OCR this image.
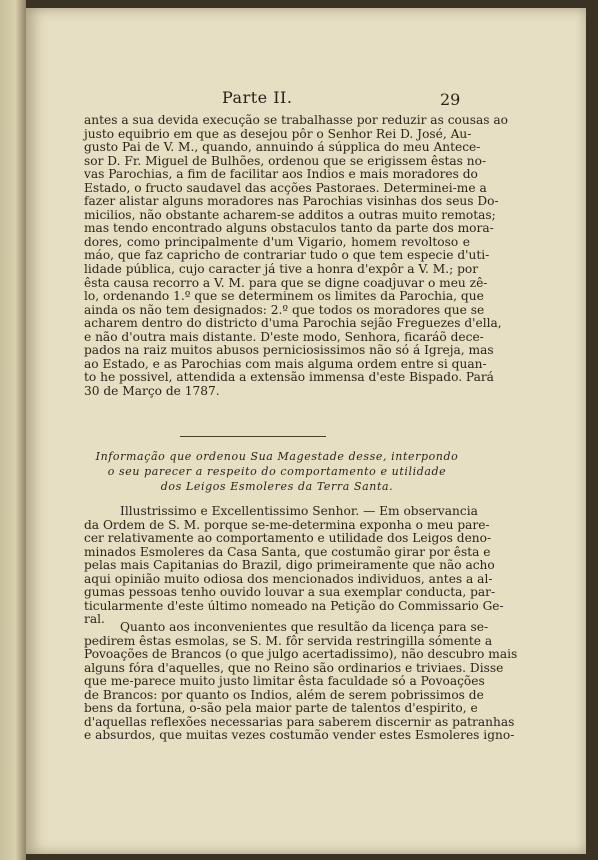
Parte II.	29
antes a sua devida execução se trabalhasse por reduzir as cousas ao
justo equibrio em que as desejou pôr o Senhor Rei D. José, Au-
gusto Pai de V. M., quando, annuindo á súpplica do meu Antece-
sor D. Fr. Miguel de Bulhões, ordenou que se erigissem êstas no-
vas Parochias, a fim de facilitar aos Indios e mais moradores do
Estado, o fructo saudavel das acções Pastoraes. Determinei-me a
fazer alistar alguns moradores nas Parochias visinhas dos seus Do-
micilios, não obstante acharem-se additos a outras muito remotas;
mas tendo encontrado alguns obstaculos tanto da parte dos mora-
dores, como principalmente d'um Vigario, homem revoltoso e
máo, que faz capricho de contrariar tudo o que tem especie d'uti-
lidade pública, cujo caracter já tive a honra d'expôr a V. M.; por
êsta causa recorro a V. M. para que se digne coadjuvar o meu zê-
lo, ordenando 1.º que se determinem os limites da Parochia, que
ainda os não tem designados: 2.º que todos os moradores que se
acharem dentro do districto d'uma Parochia sejão Freguezes d'ella,
e não d'outra mais distante. D'este modo, Senhora, ficaráõ dece-
pados na raiz muitos abusos perniciosissimos não só á Igreja, mas
ao Estado, e as Parochias com mais alguma ordem entre si quan-
to he possivel, attendida a extensão immensa d'este Bispado. Pará
30 de Março de 1787.
Informação que ordenou Sua Magestade desse, interpondo
o seu parecer a respeito do comportamento e utilidade
dos Leigos Esmoleres da Terra Santa.
Illustrissimo e Excellentissimo Senhor. — Em observancia
da Ordem de S. M. porque se-me-determina exponha o meu pare-
cer relativamente ao comportamento e utilidade dos Leigos deno-
minados Esmoleres da Casa Santa, que costumão girar por êsta e
pelas mais Capitanias do Brazil, digo primeiramente que não acho
aqui opinião muito odiosa dos mencionados individuos, antes a al-
gumas pessoas tenho ouvido louvar a sua exemplar conducta, par-
ticularmente d'este último nomeado na Petição do Commissario Ge-
ral.
Quanto aos inconvenientes que resultão da licença para se-
pedirem êstas esmolas, se S. M. fôr servida restringilla sómente a
Povoações de Brancos (o que julgo acertadissimo), não descubro mais
alguns fóra d'aquelles, que no Reino são ordinarios e triviaes. Disse
que me-parece muito justo limitar êsta faculdade só a Povoações
de Brancos: por quanto os Indios, além de serem pobrissimos de
bens da fortuna, o-são pela maior parte de talentos d'espirito, e
d'aquellas reflexões necessarias para saberem discernir as patranhas
e absurdos, que muitas vezes costumão vender estes Esmoleres igno-
